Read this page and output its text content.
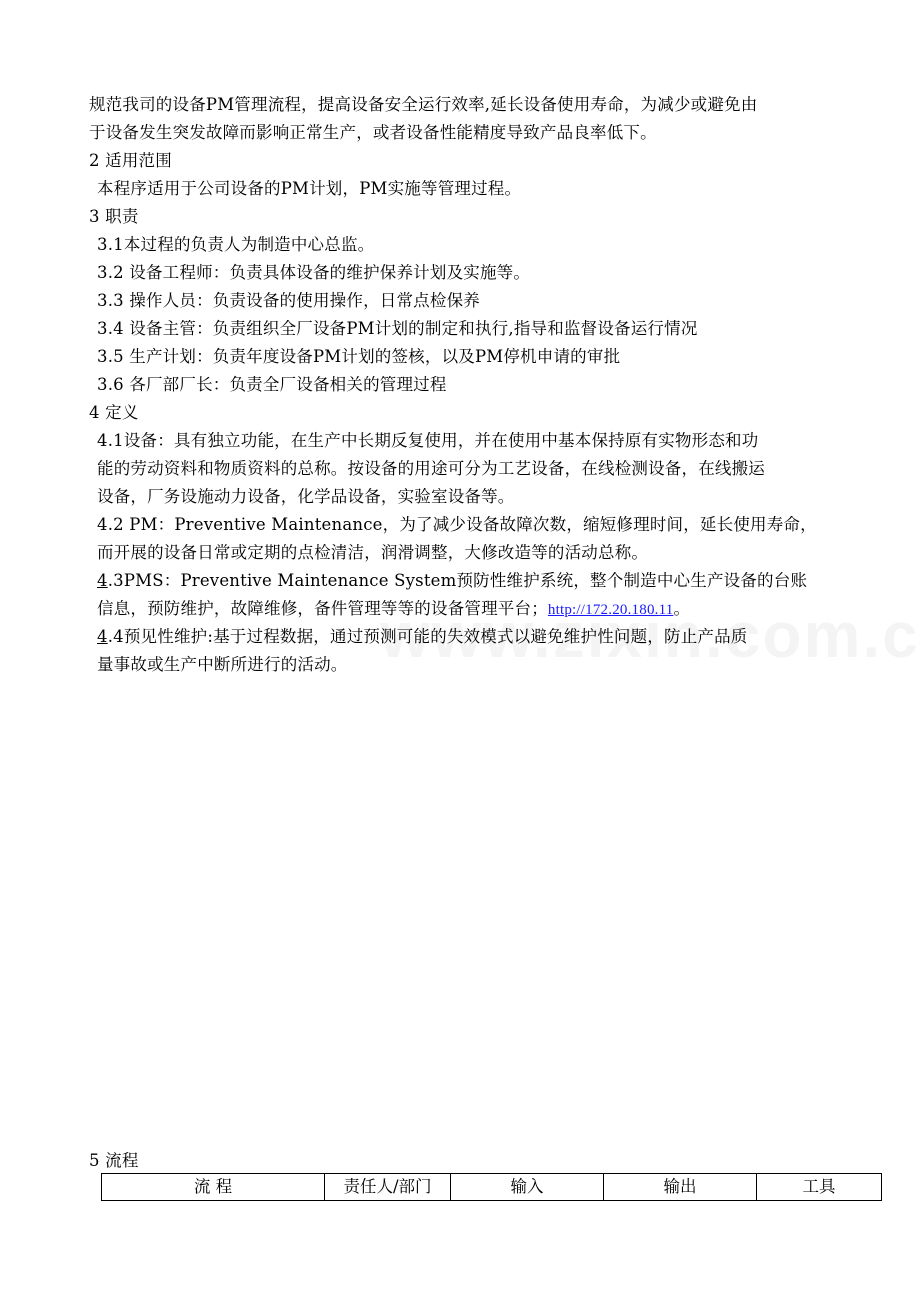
规范我司的设备PM管理流程，提高设备安全运行效率,延长设备使用寿命，为减少或避免由
于设备发生突发故障而影响正常生产，或者设备性能精度导致产品良率低下。
2 适用范围
本程序适用于公司设备的PM计划，PM实施等管理过程。
3 职责
3.1本过程的负责人为制造中心总监。
3.2 设备工程师：负责具体设备的维护保养计划及实施等。
3.3 操作人员：负责设备的使用操作，日常点检保养
3.4 设备主管：负责组织全厂设备PM计划的制定和执行,指导和监督设备运行情况
3.5 生产计划：负责年度设备PM计划的签核，以及PM停机申请的审批
3.6 各厂部厂长：负责全厂设备相关的管理过程
4 定义
4.1设备：具有独立功能，在生产中长期反复使用，并在使用中基本保持原有实物形态和功
能的劳动资料和物质资料的总称。按设备的用途可分为工艺设备，在线检测设备，在线搬运
设备，厂务设施动力设备，化学品设备，实验室设备等。
4.2 PM：Preventive Maintenance，为了减少设备故障次数，缩短修理时间，延长使用寿命，
而开展的设备日常或定期的点检清洁，润滑调整，大修改造等的活动总称。
4.3PMS：Preventive Maintenance System预防性维护系统，整个制造中心生产设备的台账
信息，预防维护，故障维修，备件管理等等的设备管理平台；http://172.20.180.11。
4.4预见性维护:基于过程数据，通过预测可能的失效模式以避免维护性问题，防止产品质
量事故或生产中断所进行的活动。
5 流程
流 程	责任人/部门	输入	输出	工具
